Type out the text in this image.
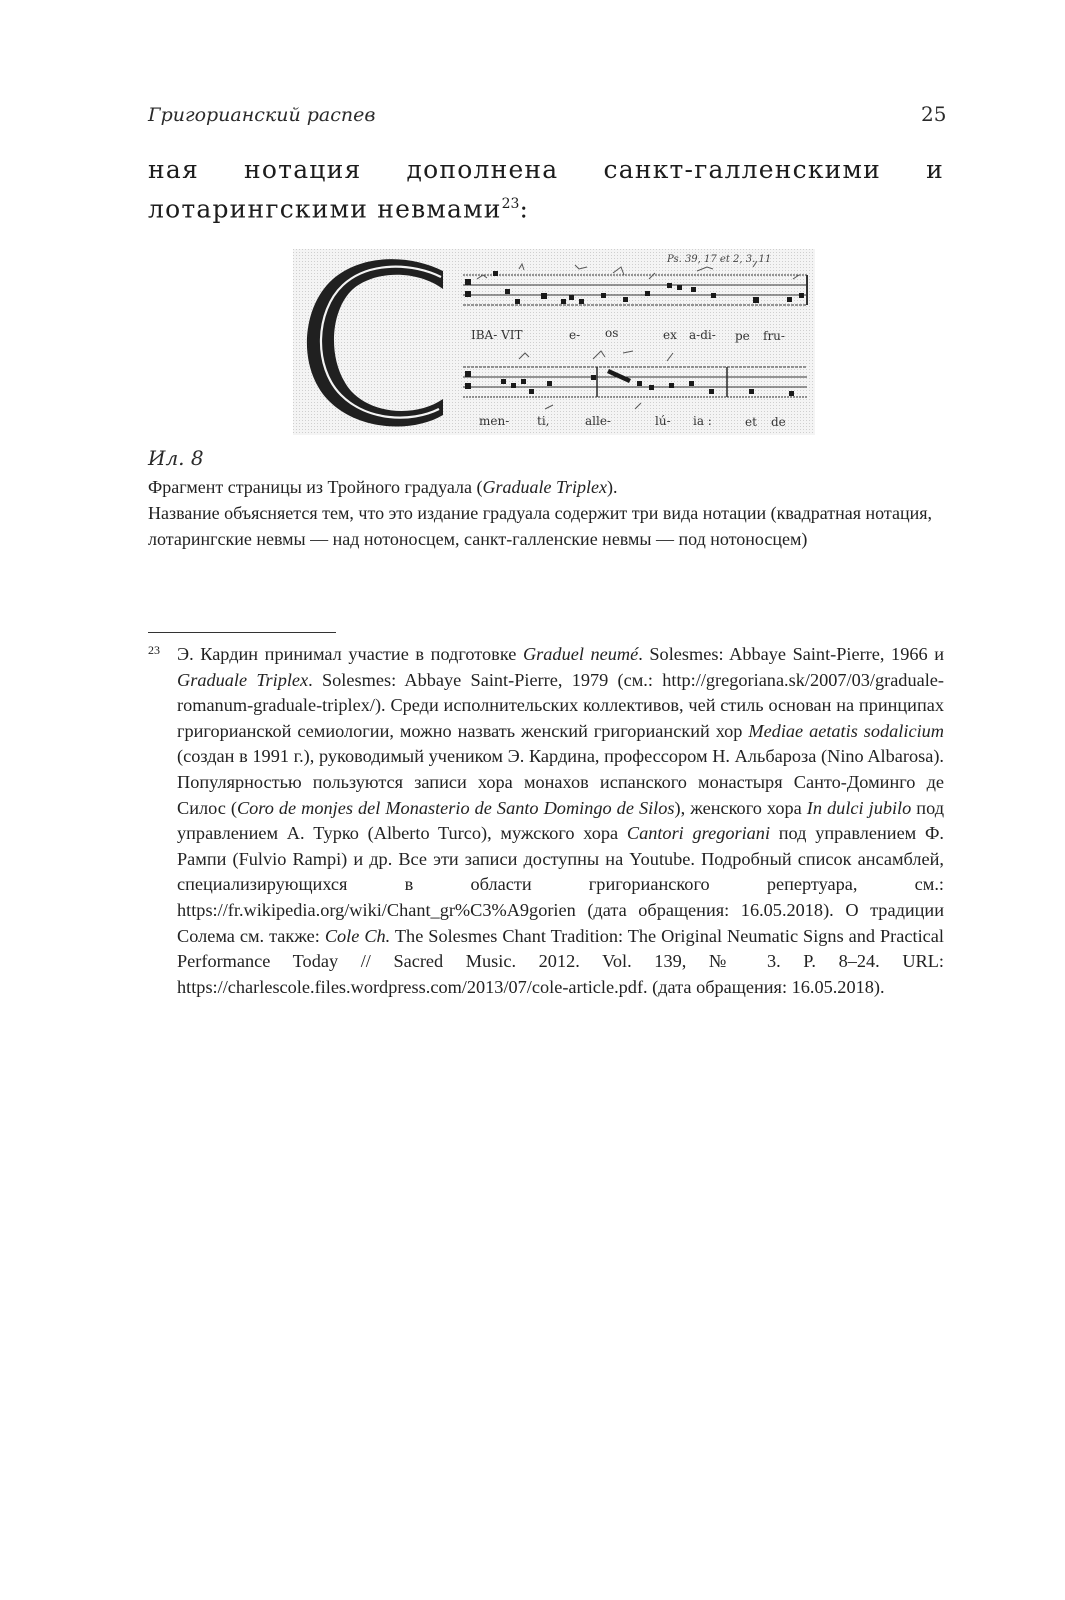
Григорианский распев	25

ная нотация дополнена санкт-галленскими и лотарингскими невмами$^{23}$:

Ps. 39, 17 et 2, 3. 11
IBA- VIT	e- os	ex a-di- pe fru-
men- ti,	alle-	lú- ia :	et de
Ил. 8

Фрагмент страницы из Тройного градуала (Graduale Triplex).
Название объясняется тем, что это издание градуала содержит три вида нотации (квадратная нотация, лотарингские невмы — над нотоносцем, санкт-галленские невмы — под нотоносцем)

23 Э. Кардин принимал участие в подготовке Graduel neumé. Solesmes: Abbaye Saint-Pierre, 1966 и Graduale Triplex. Solesmes: Abbaye Saint-Pierre, 1979 (см.: http://gregoriana.sk/2007/03/graduale-romanum-graduale-triplex/). Среди исполнительских коллективов, чей стиль основан на принципах григорианской семиологии, можно назвать женский григорианский хор Mediae aetatis sodalicium (создан в 1991 г.), руководимый учеником Э. Кардина, профессором Н. Альбароза (Nino Albarosa). Популярностью пользуются записи хора монахов испанского монастыря Санто-Доминго де Силос (Coro de monjes del Monasterio de Santo Domingo de Silos), женского хора In dulci jubilo под управлением А. Турко (Alberto Turco), мужского хора Cantori gregoriani под управлением Ф. Рампи (Fulvio Rampi) и др. Все эти записи доступны на Youtube. Подробный список ансамблей, специализирующихся в области григорианского репертуара, см.: https://fr.wikipedia.org/wiki/Chant_gr%C3%A9gorien (дата обращения: 16.05.2018). О традиции Солема см. также: Cole Ch. The Solesmes Chant Tradition: The Original Neumatic Signs and Practical Performance Today // Sacred Music. 2012. Vol. 139, № 3. P. 8–24. URL: https://charlescole.files.wordpress.com/2013/07/cole-article.pdf. (дата обращения: 16.05.2018).
